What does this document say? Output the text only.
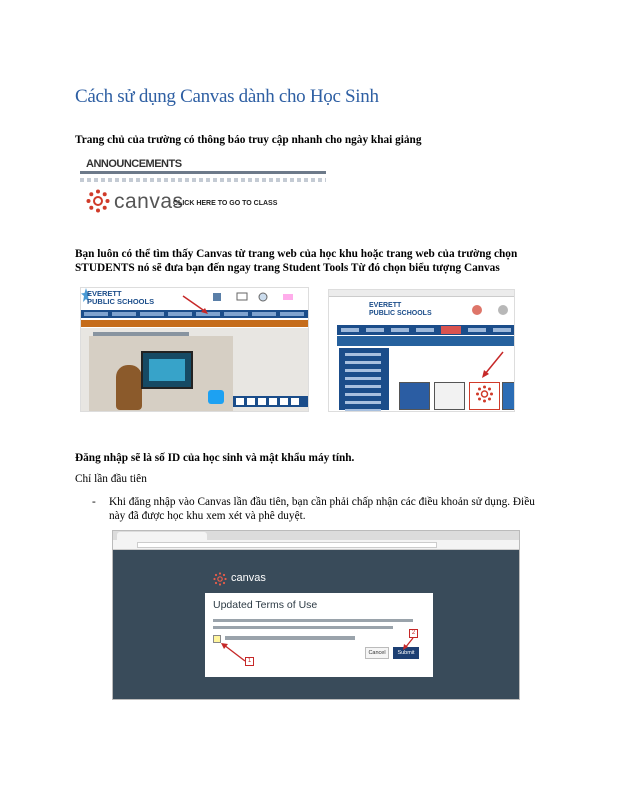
Cách sử dụng Canvas dành cho Học Sinh
Trang chủ của trường có thông báo truy cập nhanh cho ngày khai giảng
ANNOUNCEMENTS
canvas
CLICK HERE TO GO TO CLASS
Bạn luôn có thể tìm thấy Canvas từ trang web của học khu hoặc trang web của trường chọn
STUDENTS nó sẽ đưa bạn đến ngay trang Student Tools Từ đó chọn biểu tượng Canvas
EVERETT
PUBLIC SCHOOLS	EVERETT
PUBLIC SCHOOLS
Đăng nhập sẽ là số ID của học sinh và mật khẩu máy tính.
Chỉ lần đầu tiên
- Khi đăng nhập vào Canvas lần đầu tiên, bạn cần phải chấp nhận các điều khoản sử dụng. Điều
này đã được học khu xem xét và phê duyệt.
canvas
Updated Terms of Use
Cancel	Submit
1
2
